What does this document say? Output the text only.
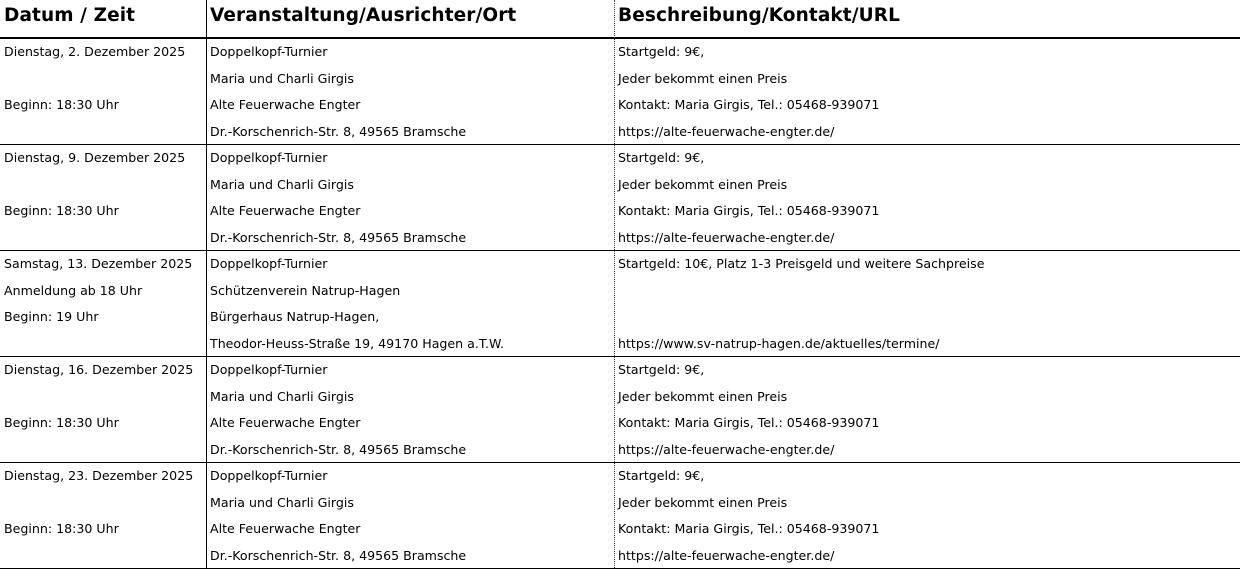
Datum / Zeit	Veranstaltung/Ausrichter/Ort	Beschreibung/Kontakt/URL
Dienstag, 2. Dezember 2025
Beginn: 18:30 Uhr
Doppelkopf-Turnier
Maria und Charli Girgis
Alte Feuerwache Engter
Dr.-Korschenrich-Str. 8, 49565 Bramsche
Startgeld: 9€,
Jeder bekommt einen Preis
Kontakt: Maria Girgis, Tel.: 05468-939071
https://alte-feuerwache-engter.de/
Dienstag, 9. Dezember 2025
Beginn: 18:30 Uhr
Doppelkopf-Turnier
Maria und Charli Girgis
Alte Feuerwache Engter
Dr.-Korschenrich-Str. 8, 49565 Bramsche
Startgeld: 9€,
Jeder bekommt einen Preis
Kontakt: Maria Girgis, Tel.: 05468-939071
https://alte-feuerwache-engter.de/
Samstag, 13. Dezember 2025
Anmeldung ab 18 Uhr
Beginn: 19 Uhr
Doppelkopf-Turnier
Schützenverein Natrup-Hagen
Bürgerhaus Natrup-Hagen,
Theodor-Heuss-Straße 19, 49170 Hagen a.T.W.
Startgeld: 10€, Platz 1-3 Preisgeld und weitere Sachpreise
https://www.sv-natrup-hagen.de/aktuelles/termine/
Dienstag, 16. Dezember 2025
Beginn: 18:30 Uhr
Doppelkopf-Turnier
Maria und Charli Girgis
Alte Feuerwache Engter
Dr.-Korschenrich-Str. 8, 49565 Bramsche
Startgeld: 9€,
Jeder bekommt einen Preis
Kontakt: Maria Girgis, Tel.: 05468-939071
https://alte-feuerwache-engter.de/
Dienstag, 23. Dezember 2025
Beginn: 18:30 Uhr
Doppelkopf-Turnier
Maria und Charli Girgis
Alte Feuerwache Engter
Dr.-Korschenrich-Str. 8, 49565 Bramsche
Startgeld: 9€,
Jeder bekommt einen Preis
Kontakt: Maria Girgis, Tel.: 05468-939071
https://alte-feuerwache-engter.de/
